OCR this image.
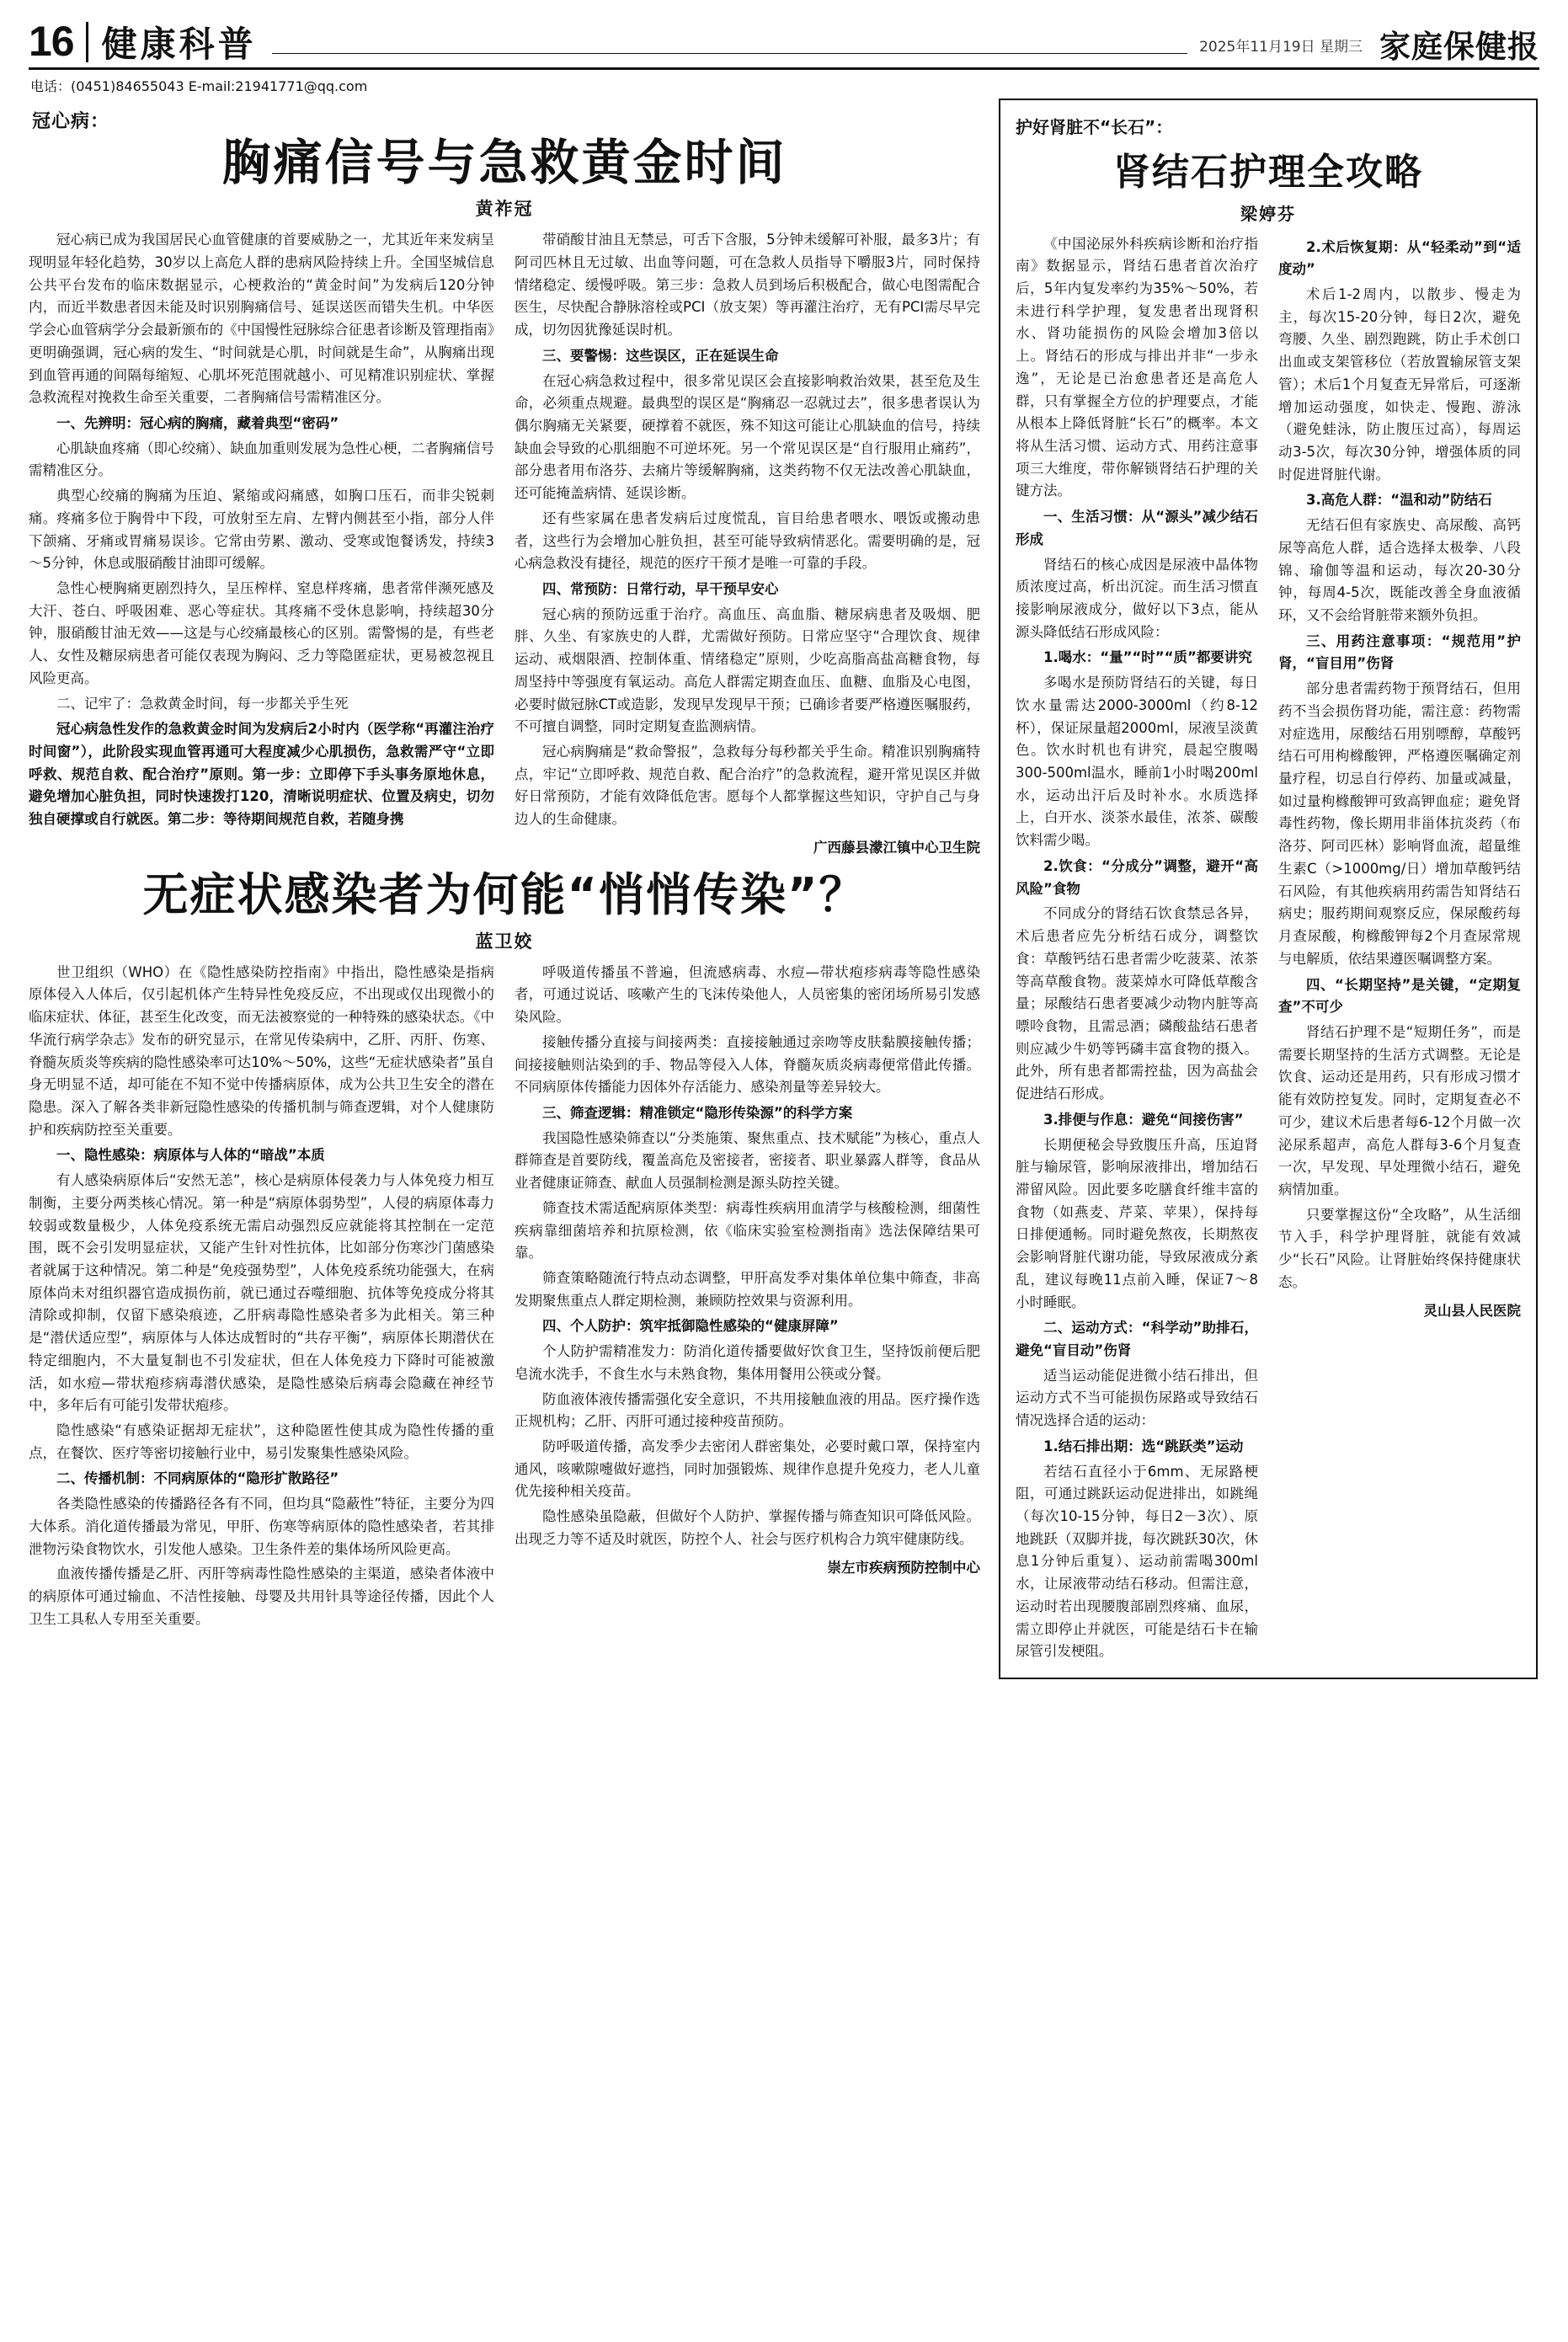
16 健康科普	2025年11月19日 星期三 家庭保健报
电话：(0451)84655043 E-mail:21941771@qq.com
冠心病：
胸痛信号与急救黄金时间
黄祚冠

冠心病已成为我国居民心血管健康的首要威胁之一，尤其近年来发病呈现明显年轻化趋势，30岁以上高危人群的患病风险持续上升。全国坚城信息公共平台发布的临床数据显示，心梗救治的“黄金时间”为发病后120分钟内，而近半数患者因未能及时识别胸痛信号、延误送医而错失生机。中华医学会心血管病学分会最新颁布的《中国慢性冠脉综合征患者诊断及管理指南》更明确强调，冠心病的发生、“时间就是心肌，时间就是生命”，从胸痛出现到血管再通的间隔每缩短、心肌坏死范围就越小、可见精准识别症状、掌握急救流程对挽救生命至关重要，二者胸痛信号需精准区分。

一、先辨明：冠心病的胸痛，藏着典型“密码”

心肌缺血疼痛（即心绞痛）、缺血加重则发展为急性心梗，二者胸痛信号需精准区分。

典型心绞痛的胸痛为压迫、紧缩或闷痛感，如胸口压石，而非尖锐刺痛。疼痛多位于胸骨中下段，可放射至左肩、左臂内侧甚至小指，部分人伴下颌痛、牙痛或胃痛易误诊。它常由劳累、激动、受寒或饱餐诱发，持续3～5分钟，休息或服硝酸甘油即可缓解。

急性心梗胸痛更剧烈持久，呈压榨样、窒息样疼痛，患者常伴濒死感及大汗、苍白、呼吸困难、恶心等症状。其疼痛不受休息影响，持续超30分钟，服硝酸甘油无效——这是与心绞痛最核心的区别。需警惕的是，有些老人、女性及糖尿病患者可能仅表现为胸闷、乏力等隐匿症状，更易被忽视且风险更高。

二、记牢了：急救黄金时间，每一步都关乎生死

冠心病急性发作的急救黄金时间为发病后2小时内（医学称“再灌注治疗时间窗”），此阶段实现血管再通可大程度减少心肌损伤，急救需严守“立即呼救、规范自救、配合治疗”原则。第一步：立即停下手头事务原地休息，避免增加心脏负担，同时快速拨打120，清晰说明症状、位置及病史，切勿独自硬撑或自行就医。第二步：等待期间规范自救，若随身携

带硝酸甘油且无禁忌，可舌下含服，5分钟未缓解可补服，最多3片；有阿司匹林且无过敏、出血等问题，可在急救人员指导下嚼服3片，同时保持情绪稳定、缓慢呼吸。第三步：急救人员到场后积极配合，做心电图需配合医生，尽快配合静脉溶栓或PCI（放支架）等再灌注治疗，无有PCI需尽早完成，切勿因犹豫延误时机。

三、要警惕：这些误区，正在延误生命

在冠心病急救过程中，很多常见误区会直接影响救治效果，甚至危及生命，必须重点规避。最典型的误区是“胸痛忍一忍就过去”，很多患者误认为偶尔胸痛无关紧要，硬撑着不就医，殊不知这可能让心肌缺血的信号，持续缺血会导致的心肌细胞不可逆坏死。另一个常见误区是“自行服用止痛药”，部分患者用布洛芬、去痛片等缓解胸痛，这类药物不仅无法改善心肌缺血，还可能掩盖病情、延误诊断。

还有些家属在患者发病后过度慌乱，盲目给患者喂水、喂饭或搬动患者，这些行为会增加心脏负担，甚至可能导致病情恶化。需要明确的是，冠心病急救没有捷径，规范的医疗干预才是唯一可靠的手段。

四、常预防：日常行动，早干预早安心

冠心病的预防远重于治疗。高血压、高血脂、糖尿病患者及吸烟、肥胖、久坐、有家族史的人群，尤需做好预防。日常应坚守“合理饮食、规律运动、戒烟限酒、控制体重、情绪稳定”原则，少吃高脂高盐高糖食物，每周坚持中等强度有氧运动。高危人群需定期查血压、血糖、血脂及心电图，必要时做冠脉CT或造影，发现早发现早干预；已确诊者要严格遵医嘱服药，不可擅自调整，同时定期复查监测病情。

冠心病胸痛是“救命警报”，急救每分每秒都关乎生命。精准识别胸痛特点，牢记“立即呼救、规范自救、配合治疗”的急救流程，避开常见误区并做好日常预防，才能有效降低危害。愿每个人都掌握这些知识，守护自己与身边人的生命健康。

广西藤县濛江镇中心卫生院
无症状感染者为何能“悄悄传染”？
蓝卫姣

世卫组织（WHO）在《隐性感染防控指南》中指出，隐性感染是指病原体侵入人体后，仅引起机体产生特异性免疫反应，不出现或仅出现微小的临床症状、体征，甚至生化改变，而无法被察觉的一种特殊的感染状态。《中华流行病学杂志》发布的研究显示，在常见传染病中，乙肝、丙肝、伤寒、脊髓灰质炎等疾病的隐性感染率可达10%～50%，这些“无症状感染者”虽自身无明显不适，却可能在不知不觉中传播病原体，成为公共卫生安全的潜在隐患。深入了解各类非新冠隐性感染的传播机制与筛查逻辑，对个人健康防护和疾病防控至关重要。

一、隐性感染：病原体与人体的“暗战”本质

有人感染病原体后“安然无恙”，核心是病原体侵袭力与人体免疫力相互制衡，主要分两类核心情况。第一种是“病原体弱势型”，人侵的病原体毒力较弱或数量极少，人体免疫系统无需启动强烈反应就能将其控制在一定范围，既不会引发明显症状，又能产生针对性抗体，比如部分伤寒沙门菌感染者就属于这种情况。第二种是“免疫强势型”，人体免疫系统功能强大，在病原体尚未对组织器官造成损伤前，就已通过吞噬细胞、抗体等免疫成分将其清除或抑制，仅留下感染痕迹，乙肝病毒隐性感染者多为此相关。第三种是“潜伏适应型”，病原体与人体达成暂时的“共存平衡”，病原体长期潜伏在特定细胞内，不大量复制也不引发症状，但在人体免疫力下降时可能被激活，如水痘—带状疱疹病毒潜伏感染，是隐性感染后病毒会隐藏在神经节中，多年后有可能引发带状疱疹。

隐性感染“有感染证据却无症状”，这种隐匿性使其成为隐性传播的重点，在餐饮、医疗等密切接触行业中，易引发聚集性感染风险。

二、传播机制：不同病原体的“隐形扩散路径”

各类隐性感染的传播路径各有不同，但均具“隐蔽性”特征，主要分为四大体系。消化道传播最为常见，甲肝、伤寒等病原体的隐性感染者，若其排泄物污染食物饮水，引发他人感染。卫生条件差的集体场所风险更高。

血液传播传播是乙肝、丙肝等病毒性隐性感染的主渠道，感染者体液中的病原体可通过输血、不洁性接触、母婴及共用针具等途径传播，因此个人卫生工具私人专用至关重要。

呼吸道传播虽不普遍，但流感病毒、水痘—带状疱疹病毒等隐性感染者，可通过说话、咳嗽产生的飞沫传染他人，人员密集的密闭场所易引发感染风险。

接触传播分直接与间接两类：直接接触通过亲吻等皮肤黏膜接触传播；间接接触则沾染到的手、物品等侵入人体，脊髓灰质炎病毒便常借此传播。不同病原体传播能力因体外存活能力、感染剂量等差异较大。

三、筛查逻辑：精准锁定“隐形传染源”的科学方案

我国隐性感染筛查以“分类施策、聚焦重点、技术赋能”为核心，重点人群筛查是首要防线，覆盖高危及密接者，密接者、职业暴露人群等，食品从业者健康证筛查、献血人员强制检测是源头防控关键。

筛查技术需适配病原体类型：病毒性疾病用血清学与核酸检测，细菌性疾病靠细菌培养和抗原检测，依《临床实验室检测指南》选法保障结果可靠。

筛查策略随流行特点动态调整，甲肝高发季对集体单位集中筛查，非高发期聚焦重点人群定期检测，兼顾防控效果与资源利用。

四、个人防护：筑牢抵御隐性感染的“健康屏障”

个人防护需精准发力：防消化道传播要做好饮食卫生，坚持饭前便后肥皂流水洗手，不食生水与未熟食物，集体用餐用公筷或分餐。

防血液体液传播需强化安全意识，不共用接触血液的用品。医疗操作选正规机构；乙肝、丙肝可通过接种疫苗预防。

防呼吸道传播，高发季少去密闭人群密集处，必要时戴口罩，保持室内通风，咳嗽隙嚏做好遮挡，同时加强锻炼、规律作息提升免疫力，老人儿童优先接种相关疫苗。

隐性感染虽隐蔽，但做好个人防护、掌握传播与筛查知识可降低风险。出现乏力等不适及时就医，防控个人、社会与医疗机构合力筑牢健康防线。

崇左市疾病预防控制中心
护好肾脏不“长石”：
肾结石护理全攻略
梁婷芬

《中国泌尿外科疾病诊断和治疗指南》数据显示，肾结石患者首次治疗后，5年内复发率约为35%～50%，若未进行科学护理，复发患者出现肾积水、肾功能损伤的风险会增加3倍以上。肾结石的形成与排出并非“一步永逸”，无论是已治愈患者还是高危人群，只有掌握全方位的护理要点，才能从根本上降低肾脏“长石”的概率。本文将从生活习惯、运动方式、用药注意事项三大维度，带你解锁肾结石护理的关键方法。

一、生活习惯：从“源头”减少结石形成

肾结石的核心成因是尿液中晶体物质浓度过高，析出沉淀。而生活习惯直接影响尿液成分，做好以下3点，能从源头降低结石形成风险：

1.喝水：“量”“时”“质”都要讲究

多喝水是预防肾结石的关键，每日饮水量需达2000-3000ml（约8-12杯），保证尿量超2000ml，尿液呈淡黄色。饮水时机也有讲究，晨起空腹喝300-500ml温水，睡前1小时喝200ml水，运动出汗后及时补水。水质选择上，白开水、淡茶水最佳，浓茶、碳酸饮料需少喝。

2.饮食：“分成分”调整，避开“高风险”食物

不同成分的肾结石饮食禁忌各异，术后患者应先分析结石成分，调整饮食：草酸钙结石患者需少吃菠菜、浓茶等高草酸食物。菠菜焯水可降低草酸含量；尿酸结石患者要减少动物内脏等高嘌呤食物，且需忌酒；磷酸盐结石患者则应减少牛奶等钙磷丰富食物的摄入。此外，所有患者都需控盐，因为高盐会促进结石形成。

3.排便与作息：避免“间接伤害”

长期便秘会导致腹压升高，压迫肾脏与输尿管，影响尿液排出，增加结石滞留风险。因此要多吃膳食纤维丰富的食物（如燕麦、芹菜、苹果），保持每日排便通畅。同时避免熬夜，长期熬夜会影响肾脏代谢功能，导致尿液成分紊乱，建议每晚11点前入睡，保证7～8小时睡眠。

二、运动方式：“科学动”助排石，避免“盲目动”伤肾

适当运动能促进微小结石排出，但运动方式不当可能损伤尿路或导致结石情况选择合适的运动：

1.结石排出期：选“跳跃类”运动

若结石直径小于6mm、无尿路梗阻，可通过跳跃运动促进排出，如跳绳（每次10-15分钟，每日2－3次）、原地跳跃（双脚并拢，每次跳跃30次，休息1分钟后重复）、运动前需喝300ml水，让尿液带动结石移动。但需注意，运动时若出现腰腹部剧烈疼痛、血尿，需立即停止并就医，可能是结石卡在输尿管引发梗阻。

2.术后恢复期：从“轻柔动”到“适度动”

术后1-2周内，以散步、慢走为主，每次15-20分钟，每日2次，避免弯腰、久坐、剧烈跑跳，防止手术创口出血或支架管移位（若放置输尿管支架管）；术后1个月复查无异常后，可逐渐增加运动强度，如快走、慢跑、游泳（避免蛙泳，防止腹压过高），每周运动3-5次，每次30分钟，增强体质的同时促进肾脏代谢。

3.高危人群：“温和动”防结石

无结石但有家族史、高尿酸、高钙尿等高危人群，适合选择太极拳、八段锦、瑜伽等温和运动，每次20-30分钟，每周4-5次，既能改善全身血液循环，又不会给肾脏带来额外负担。

三、用药注意事项：“规范用”护肾，“盲目用”伤肾

部分患者需药物于预肾结石，但用药不当会损伤肾功能，需注意：药物需对症选用，尿酸结石用别嘌醇，草酸钙结石可用枸橼酸钾，严格遵医嘱确定剂量疗程，切忌自行停药、加量或减量，如过量枸橼酸钾可致高钾血症；避免肾毒性药物，像长期用非甾体抗炎药（布洛芬、阿司匹林）影响肾血流，超量维生素C（>1000mg/日）增加草酸钙结石风险，有其他疾病用药需告知肾结石病史；服药期间观察反应，保尿酸药每月查尿酸，枸橼酸钾每2个月查尿常规与电解质，依结果遵医嘱调整方案。

四、“长期坚持”是关键，“定期复查”不可少

肾结石护理不是“短期任务”，而是需要长期坚持的生活方式调整。无论是饮食、运动还是用药，只有形成习惯才能有效防控复发。同时，定期复查必不可少，建议术后患者每6-12个月做一次泌尿系超声，高危人群每3-6个月复查一次，早发现、早处理微小结石，避免病情加重。

只要掌握这份“全攻略”，从生活细节入手，科学护理肾脏，就能有效减少“长石”风险。让肾脏始终保持健康状态。

灵山县人民医院
